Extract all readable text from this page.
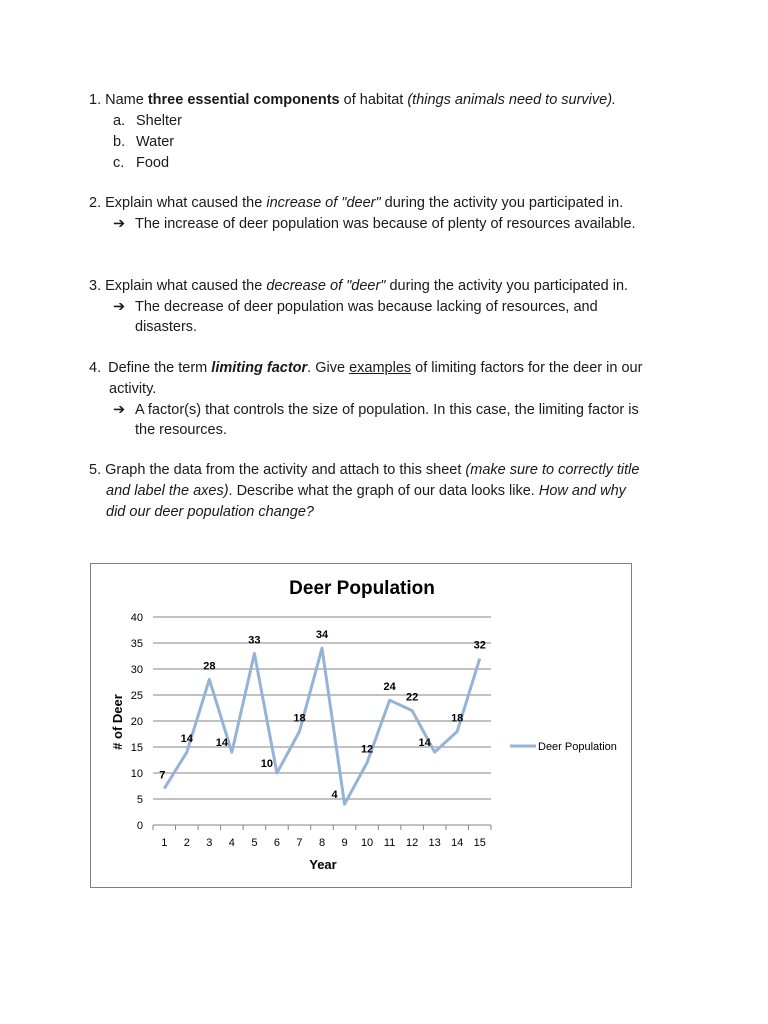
1. Name three essential components of habitat (things animals need to survive).
a. Shelter
b. Water
c. Food
2. Explain what caused the increase of "deer" during the activity you participated in.
➔ The increase of deer population was because of plenty of resources available.
3. Explain what caused the decrease of "deer" during the activity you participated in.
➔ The decrease of deer population was because lacking of resources, and
disasters.
4. Define the term limiting factor. Give examples of limiting factors for the deer in our
activity.
➔ A factor(s) that controls the size of population. In this case, the limiting factor is
the resources.
5. Graph the data from the activity and attach to this sheet (make sure to correctly title
and label the axes). Describe what the graph of our data looks like. How and why
did our deer population change?
Deer Population
0
5
10
15
20
25
30
35
40
1 2 3 4 5 6 7 8 9 10 11 12 13 14 15
7
14
28
14
33
10
18
34
4
12
24
22
14
18
32
Year
# of Deer	Deer Population
